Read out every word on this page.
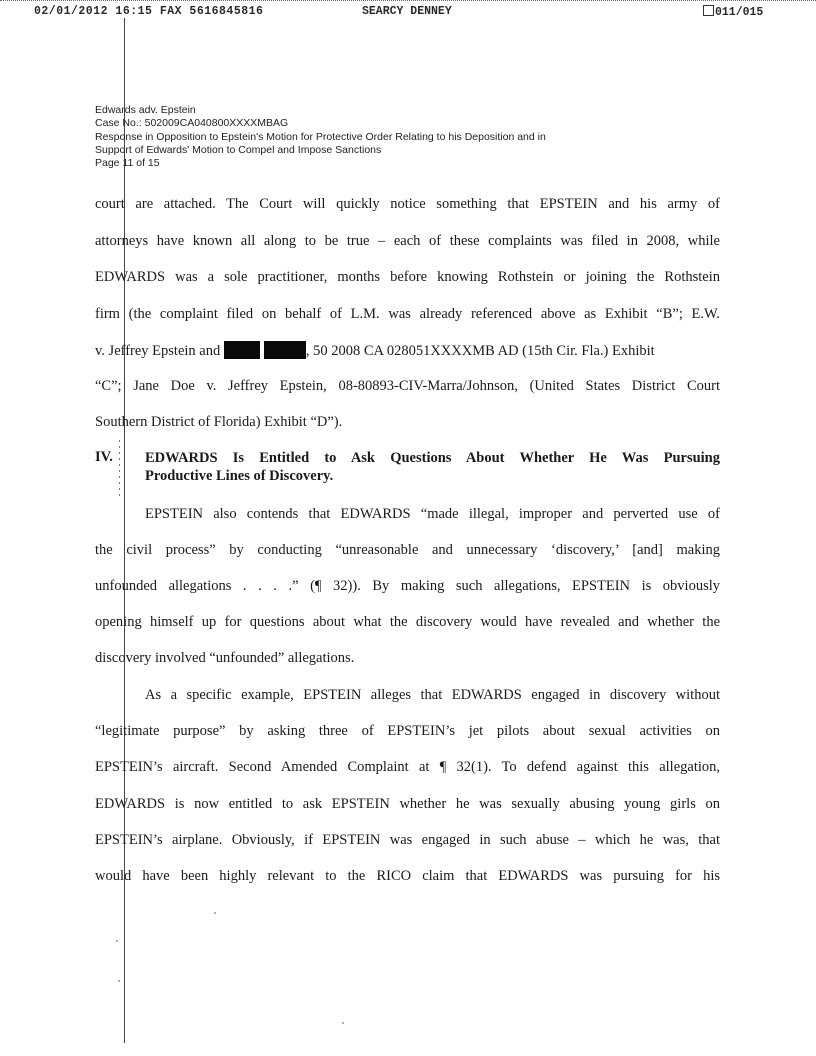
02/01/2012 16:15 FAX 5616845816	SEARCY DENNEY	011/015
Edwards adv. Epstein
Case No.: 502009CA040800XXXXMBAG
Response in Opposition to Epstein's Motion for Protective Order Relating to his Deposition and in
Support of Edwards' Motion to Compel and Impose Sanctions
Page 11 of 15
court are attached. The Court will quickly notice something that EPSTEIN and his army of
attorneys have known all along to be true – each of these complaints was filed in 2008, while
EDWARDS was a sole practitioner, months before knowing Rothstein or joining the Rothstein
firm (the complaint filed on behalf of L.M. was already referenced above as Exhibit “B”; E.W.
v. Jeffrey Epstein and	, 50 2008 CA 028051XXXXMB AD (15th Cir. Fla.) Exhibit
“C”; Jane Doe v. Jeffrey Epstein, 08-80893-CIV-Marra/Johnson, (United States District Court
Southern District of Florida) Exhibit “D”).
IV. EDWARDS Is Entitled to Ask Questions About Whether He Was Pursuing
Productive Lines of Discovery.
EPSTEIN also contends that EDWARDS “made illegal, improper and perverted use of
the civil process” by conducting “unreasonable and unnecessary ‘discovery,’ [and] making
unfounded allegations . . . .” (¶ 32)). By making such allegations, EPSTEIN is obviously
opening himself up for questions about what the discovery would have revealed and whether the
discovery involved “unfounded” allegations.
As a specific example, EPSTEIN alleges that EDWARDS engaged in discovery without
“legitimate purpose” by asking three of EPSTEIN’s jet pilots about sexual activities on
EPSTEIN’s aircraft. Second Amended Complaint at ¶ 32(1). To defend against this allegation,
EDWARDS is now entitled to ask EPSTEIN whether he was sexually abusing young girls on
EPSTEIN’s airplane. Obviously, if EPSTEIN was engaged in such abuse – which he was, that
would have been highly relevant to the RICO claim that EDWARDS was pursuing for his
